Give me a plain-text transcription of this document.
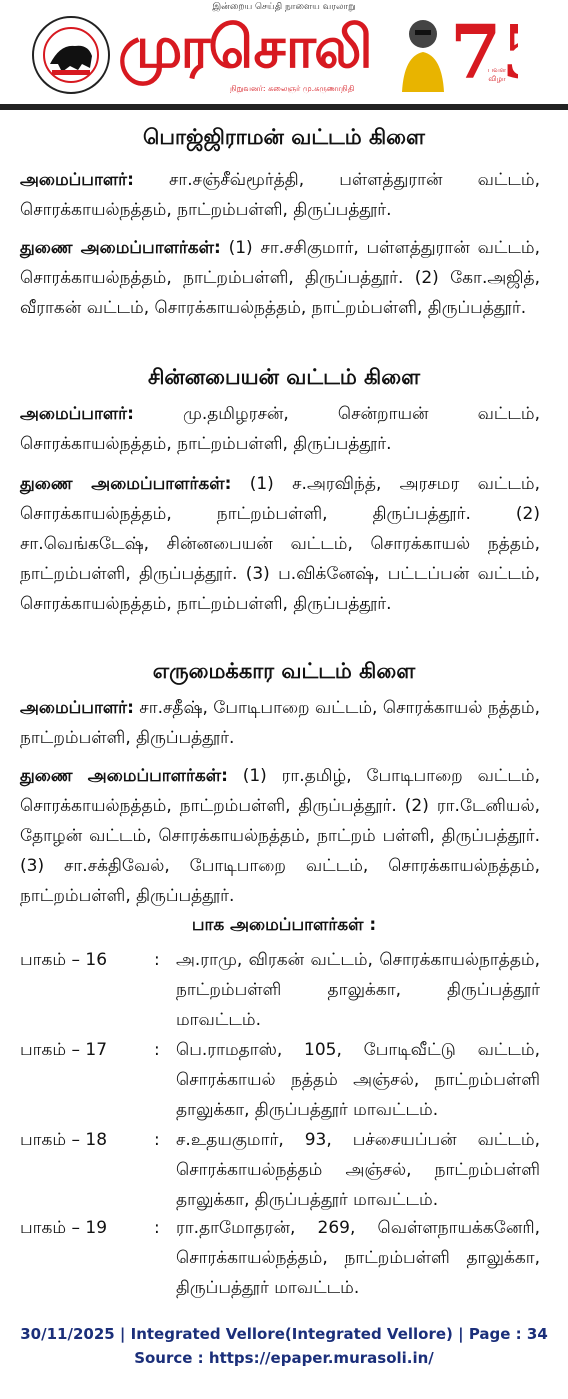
இன்றைய செய்தி நாளைய வரலாறு
முரசொலி
நிறுவனர்: கலைஞர் மு.கருணாநிதி 7
பவள விழா
பொஜ்ஜிராமன் வட்டம் கிளை
அமைப்பாளர்: சா.சஞ்சீவ்மூர்த்தி, பள்ளத்துரான் வட்டம், சொரக்காயல்நத்தம், நாட்றம்பள்ளி, திருப்பத்தூர்.
துணை அமைப்பாளர்கள்: (1) சா.சசிகுமார், பள்ளத்துரான் வட்டம், சொரக்காயல்நத்தம், நாட்றம்பள்ளி, திருப்பத்தூர். (2) கோ.அஜித், வீராகன் வட்டம், சொரக்காயல்நத்தம், நாட்றம்பள்ளி, திருப்பத்தூர்.
சின்னபையன் வட்டம் கிளை
அமைப்பாளர்: மு.தமிழரசன், சென்றாயன் வட்டம், சொரக்காயல்நத்தம், நாட்றம்பள்ளி, திருப்பத்தூர்.
துணை அமைப்பாளர்கள்: (1) ச.அரவிந்த், அரசமர வட்டம், சொரக்காயல்நத்தம், நாட்றம்பள்ளி, திருப்பத்தூர். (2) சா.வெங்கடேஷ், சின்னபையன் வட்டம், சொரக்காயல் நத்தம், நாட்றம்பள்ளி, திருப்பத்தூர். (3) ப.விக்னேஷ், பட்டப்பன் வட்டம், சொரக்காயல்நத்தம், நாட்றம்பள்ளி, திருப்பத்தூர்.
எருமைக்கார வட்டம் கிளை
அமைப்பாளர்: சா.சதீஷ், போடிபாறை வட்டம், சொரக்காயல் நத்தம், நாட்றம்பள்ளி, திருப்பத்தூர்.
துணை அமைப்பாளர்கள்: (1) ரா.தமிழ், போடிபாறை வட்டம், சொரக்காயல்நத்தம், நாட்றம்பள்ளி, திருப்பத்தூர். (2) ரா.டேனியல், தோழன் வட்டம், சொரக்காயல்நத்தம், நாட்றம் பள்ளி, திருப்பத்தூர். (3) சா.சக்திவேல், போடிபாறை வட்டம், சொரக்காயல்நத்தம், நாட்றம்பள்ளி, திருப்பத்தூர்.
பாக அமைப்பாளர்கள் :
பாகம் – 16	: அ.ராமு, விரகன் வட்டம், சொரக்காயல்நாத்தம், நாட்றம்பள்ளி தாலுக்கா, திருப்பத்தூர் மாவட்டம்.
பாகம் – 17	: பெ.ராமதாஸ், 105, போடிவீட்டு வட்டம், சொரக்காயல் நத்தம் அஞ்சல், நாட்றம்பள்ளி தாலுக்கா, திருப்பத்தூர் மாவட்டம்.
பாகம் – 18	: ச.உதயகுமார், 93, பச்சையப்பன் வட்டம், சொரக்காயல்நத்தம் அஞ்சல், நாட்றம்பள்ளி தாலுக்கா, திருப்பத்தூர் மாவட்டம்.
பாகம் – 19	: ரா.தாமோதரன், 269, வெள்ளநாயக்கனேரி, சொரக்காயல்நத்தம், நாட்றம்பள்ளி தாலுக்கா, திருப்பத்தூர் மாவட்டம்.
30/11/2025 | Integrated Vellore(Integrated Vellore) | Page : 34
Source : https://epaper.murasoli.in/
